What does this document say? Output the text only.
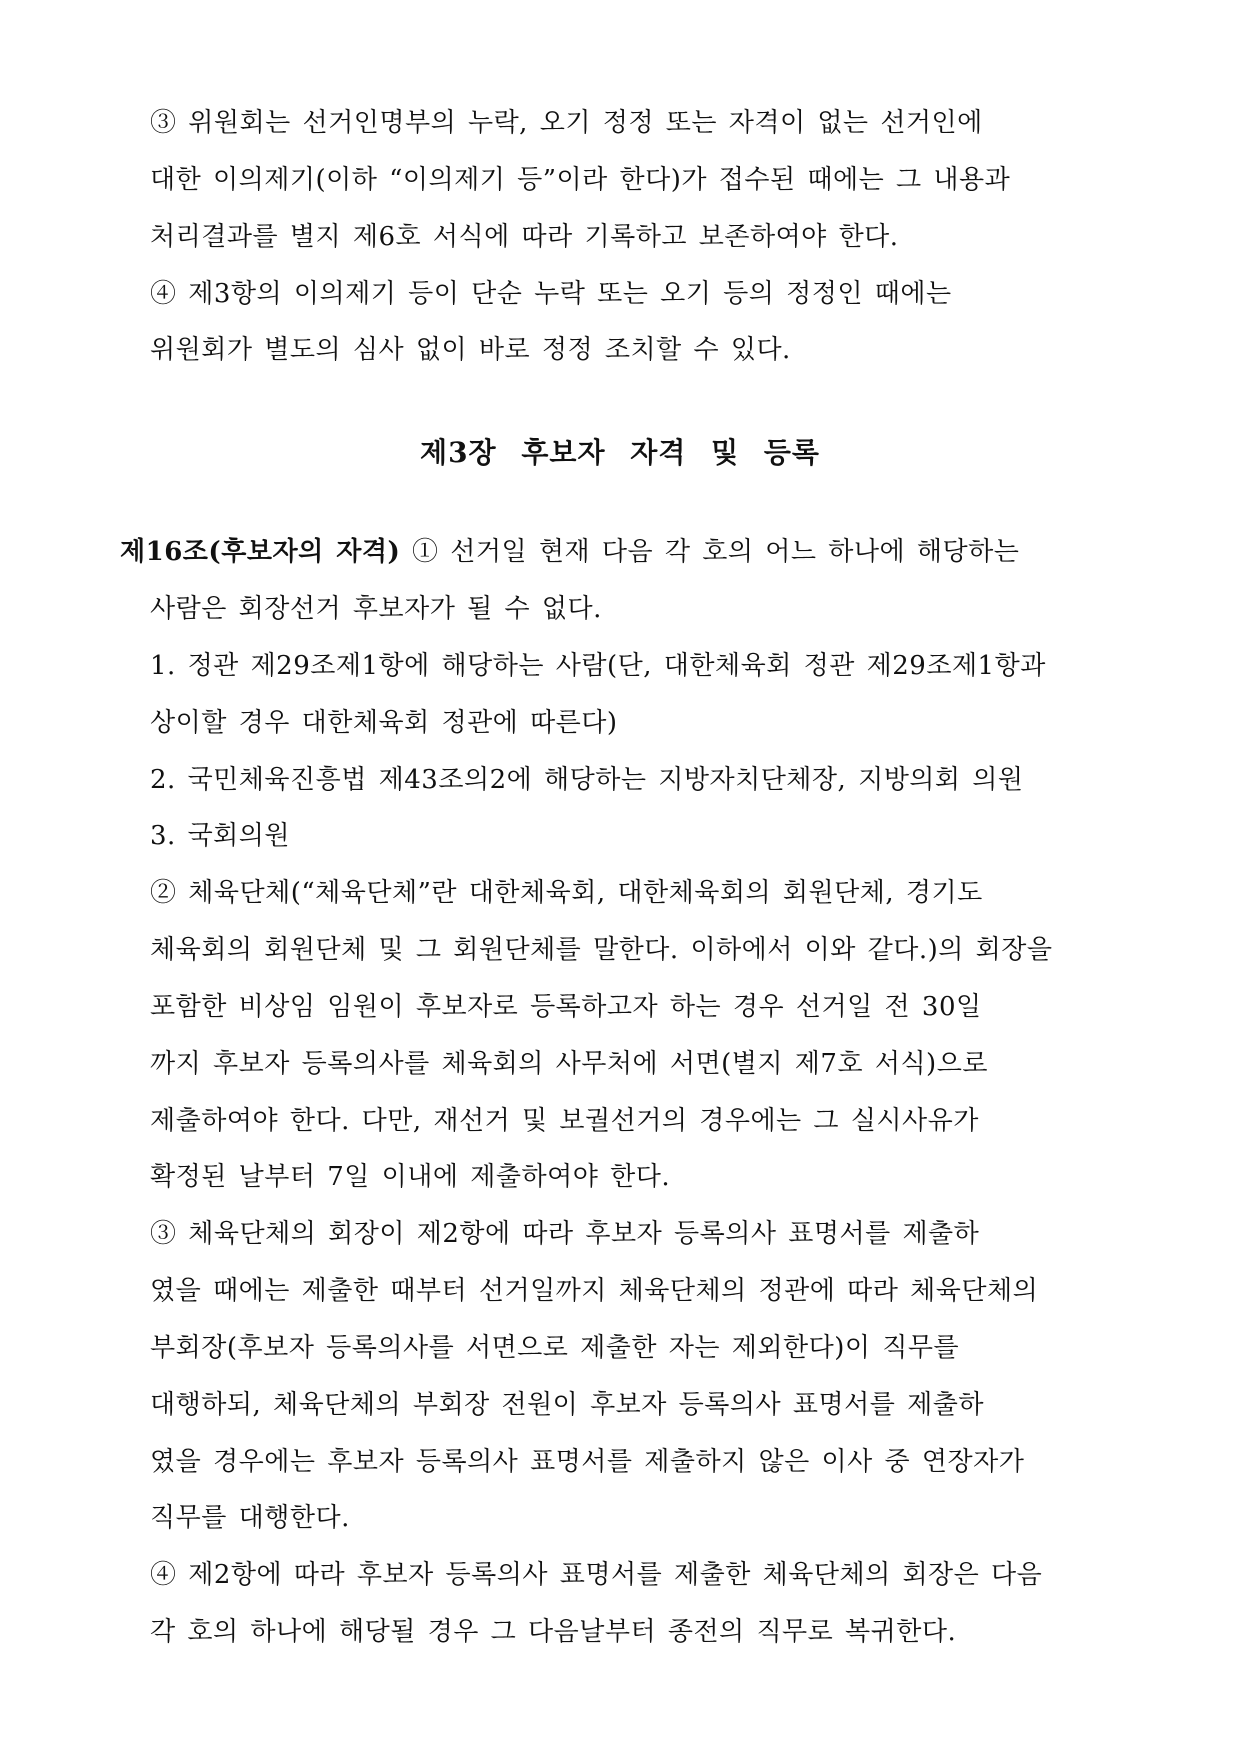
③ 위원회는 선거인명부의 누락, 오기 정정 또는 자격이 없는 선거인에
대한 이의제기(이하 “이의제기 등”이라 한다)가 접수된 때에는 그 내용과
처리결과를 별지 제6호 서식에 따라 기록하고 보존하여야 한다.
④ 제3항의 이의제기 등이 단순 누락 또는 오기 등의 정정인 때에는
위원회가 별도의 심사 없이 바로 정정 조치할 수 있다.
제3장 후보자 자격 및 등록
제16조(후보자의 자격) ① 선거일 현재 다음 각 호의 어느 하나에 해당하는
사람은 회장선거 후보자가 될 수 없다.
1. 정관 제29조제1항에 해당하는 사람(단, 대한체육회 정관 제29조제1항과
상이할 경우 대한체육회 정관에 따른다)
2. 국민체육진흥법 제43조의2에 해당하는 지방자치단체장, 지방의회 의원
3. 국회의원
② 체육단체(“체육단체”란 대한체육회, 대한체육회의 회원단체, 경기도
체육회의 회원단체 및 그 회원단체를 말한다. 이하에서 이와 같다.)의 회장을
포함한 비상임 임원이 후보자로 등록하고자 하는 경우 선거일 전 30일
까지 후보자 등록의사를 체육회의 사무처에 서면(별지 제7호 서식)으로
제출하여야 한다. 다만, 재선거 및 보궐선거의 경우에는 그 실시사유가
확정된 날부터 7일 이내에 제출하여야 한다.
③ 체육단체의 회장이 제2항에 따라 후보자 등록의사 표명서를 제출하
였을 때에는 제출한 때부터 선거일까지 체육단체의 정관에 따라 체육단체의
부회장(후보자 등록의사를 서면으로 제출한 자는 제외한다)이 직무를
대행하되, 체육단체의 부회장 전원이 후보자 등록의사 표명서를 제출하
였을 경우에는 후보자 등록의사 표명서를 제출하지 않은 이사 중 연장자가
직무를 대행한다.
④ 제2항에 따라 후보자 등록의사 표명서를 제출한 체육단체의 회장은 다음
각 호의 하나에 해당될 경우 그 다음날부터 종전의 직무로 복귀한다.
